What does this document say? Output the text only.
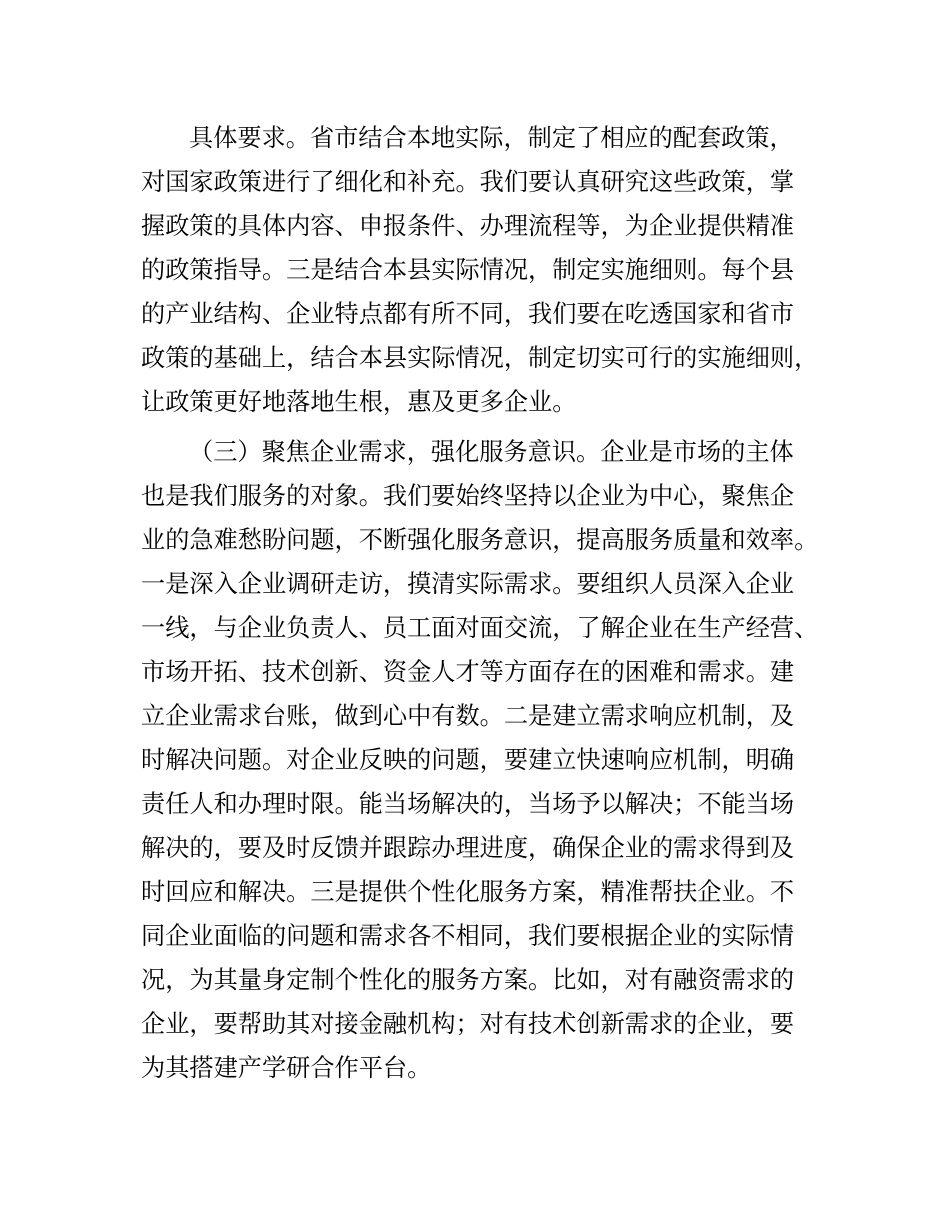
具体要求。省市结合本地实际，制定了相应的配套政策，
对国家政策进行了细化和补充。我们要认真研究这些政策，掌
握政策的具体内容、申报条件、办理流程等，为企业提供精准
的政策指导。三是结合本县实际情况，制定实施细则。每个县
的产业结构、企业特点都有所不同，我们要在吃透国家和省市
政策的基础上，结合本县实际情况，制定切实可行的实施细则，
让政策更好地落地生根，惠及更多企业。
（三）聚焦企业需求，强化服务意识。企业是市场的主体
也是我们服务的对象。我们要始终坚持以企业为中心，聚焦企
业的急难愁盼问题，不断强化服务意识，提高服务质量和效率。
一是深入企业调研走访，摸清实际需求。要组织人员深入企业
一线，与企业负责人、员工面对面交流，了解企业在生产经营、
市场开拓、技术创新、资金人才等方面存在的困难和需求。建
立企业需求台账，做到心中有数。二是建立需求响应机制，及
时解决问题。对企业反映的问题，要建立快速响应机制，明确
责任人和办理时限。能当场解决的，当场予以解决；不能当场
解决的，要及时反馈并跟踪办理进度，确保企业的需求得到及
时回应和解决。三是提供个性化服务方案，精准帮扶企业。不
同企业面临的问题和需求各不相同，我们要根据企业的实际情
况，为其量身定制个性化的服务方案。比如，对有融资需求的
企业，要帮助其对接金融机构；对有技术创新需求的企业，要
为其搭建产学研合作平台。
